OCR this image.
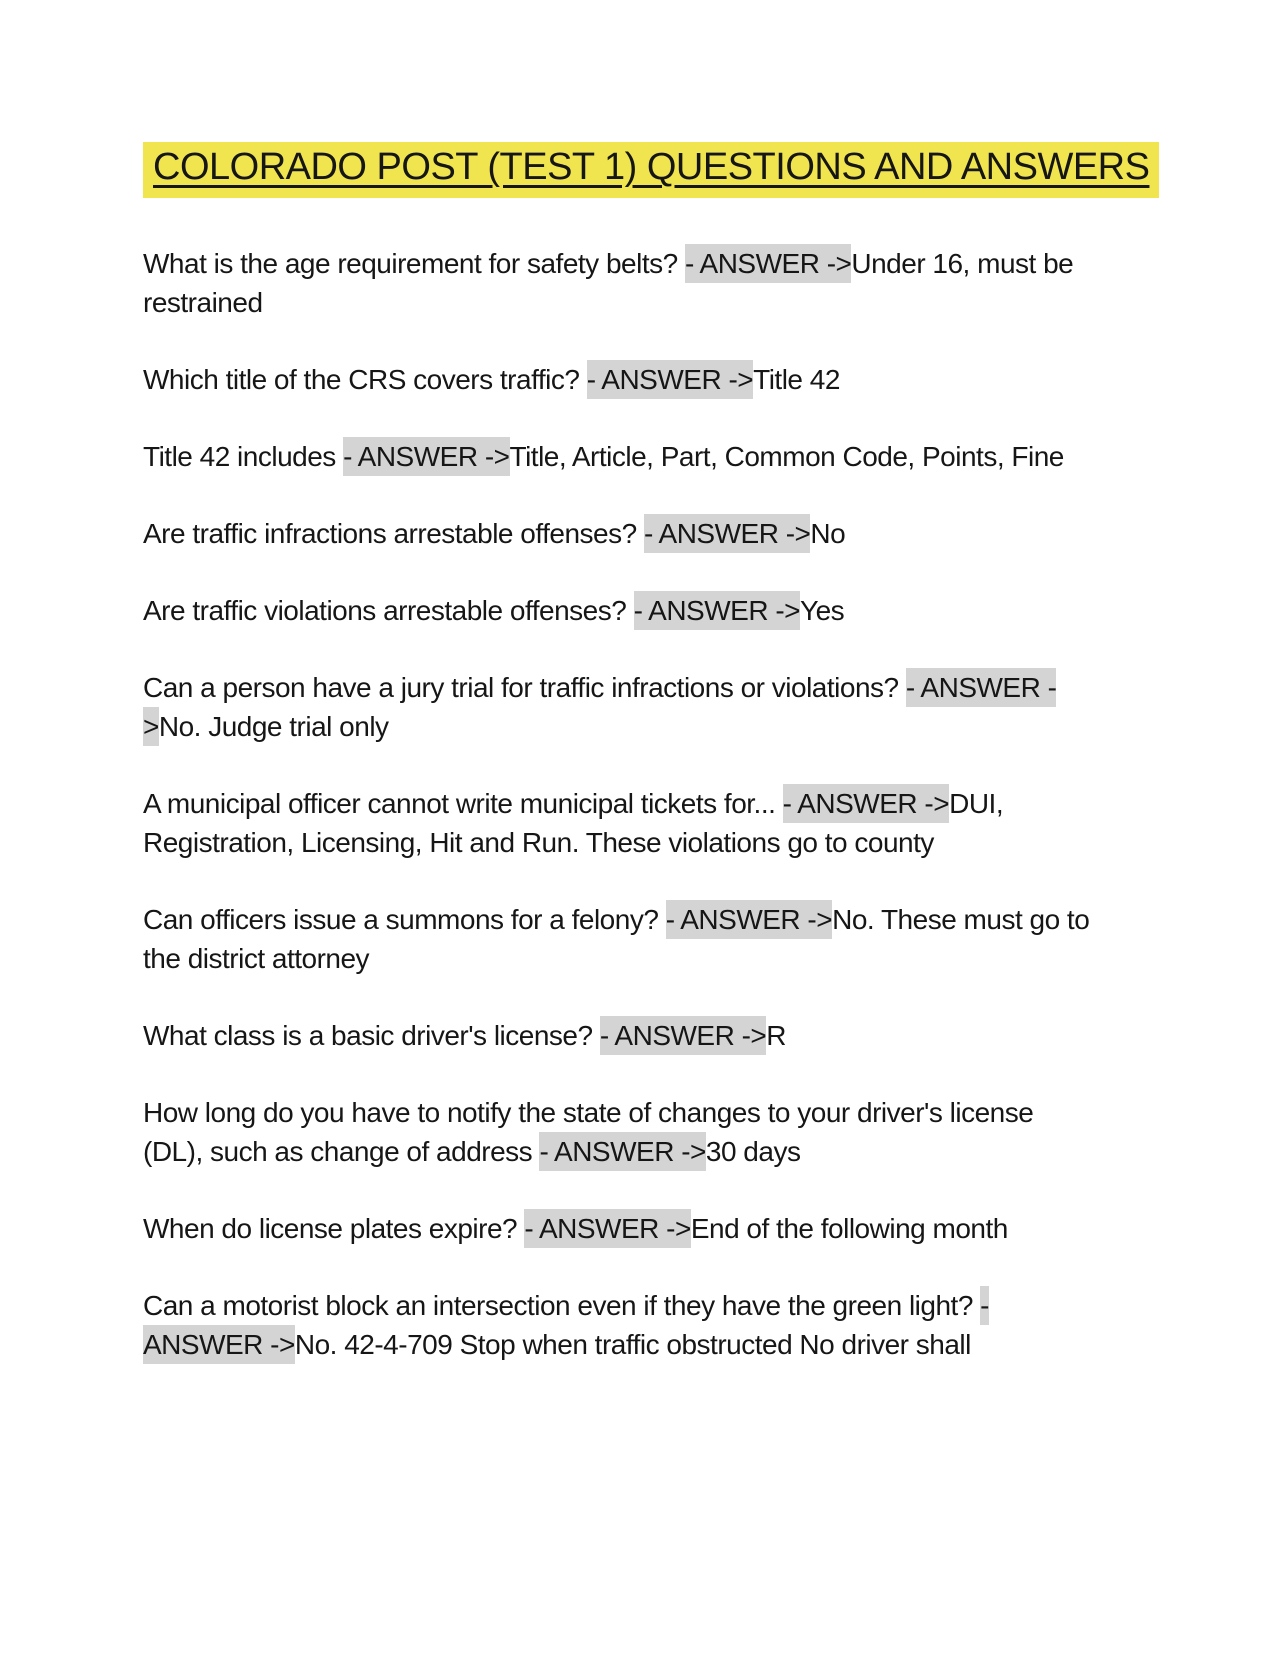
COLORADO POST (TEST 1) QUESTIONS AND ANSWERS

What is the age requirement for safety belts? - ANSWER ->Under 16, must be restrained

Which title of the CRS covers traffic? - ANSWER ->Title 42

Title 42 includes - ANSWER ->Title, Article, Part, Common Code, Points, Fine

Are traffic infractions arrestable offenses? - ANSWER ->No

Are traffic violations arrestable offenses? - ANSWER ->Yes

Can a person have a jury trial for traffic infractions or violations? - ANSWER ->No. Judge trial only

A municipal officer cannot write municipal tickets for... - ANSWER ->DUI, Registration, Licensing, Hit and Run. These violations go to county

Can officers issue a summons for a felony? - ANSWER ->No. These must go to the district attorney

What class is a basic driver's license? - ANSWER ->R

How long do you have to notify the state of changes to your driver's license (DL), such as change of address - ANSWER ->30 days

When do license plates expire? - ANSWER ->End of the following month

Can a motorist block an intersection even if they have the green light? - ANSWER ->No. 42-4-709 Stop when traffic obstructed No driver shall
